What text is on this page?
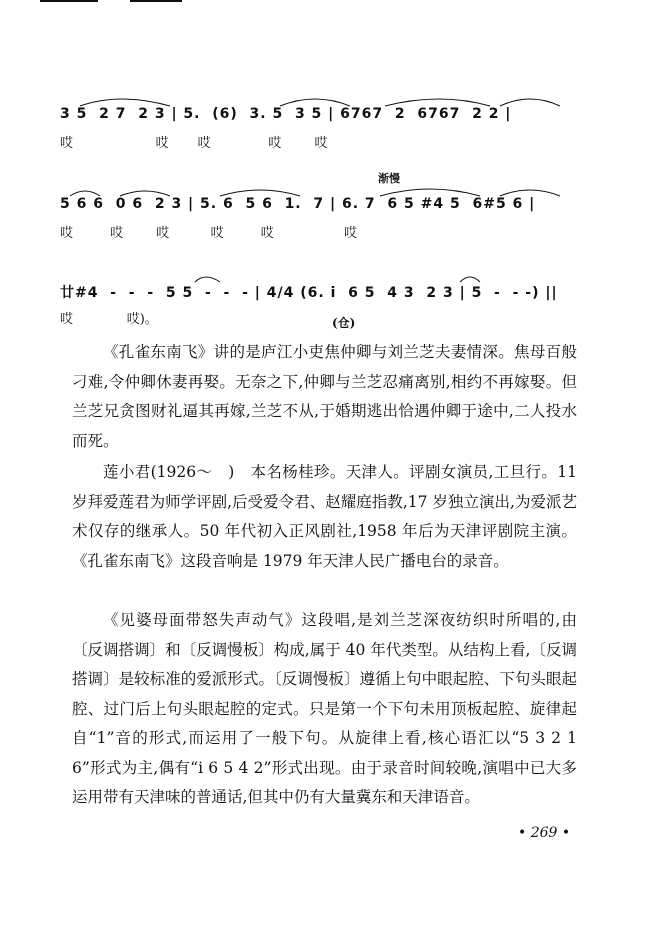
3 5  2 7  2 3 | 5.  (6)  3. 5  3 5 | 6767  2  6767  2 2 |
哎                    哎       哎              哎        哎
渐慢
5 6 6  0 6  2 3 | 5. 6  5 6  1.  7 | 6. 7  6 5 #4 5  6#5 6 |
哎         哎        哎          哎         哎                 哎
廿#4  -  -  -  5 5  -  -  - | 4/4 (6. i  6 5  4 3  2 3 | 5  -  - -) ||
哎             哎)。	(仓)
《孔雀东南飞》讲的是庐江小吏焦仲卿与刘兰芝夫妻情深。焦母百般刁难,令仲卿休妻再娶。无奈之下,仲卿与兰芝忍痛离别,相约不再嫁娶。但兰芝兄贪图财礼逼其再嫁,兰芝不从,于婚期逃出恰遇仲卿于途中,二人投水而死。
莲小君(1926～　)　本名杨桂珍。天津人。评剧女演员,工旦行。11 岁拜爱莲君为师学评剧,后受爱令君、赵耀庭指教,17 岁独立演出,为爱派艺术仅存的继承人。50 年代初入正风剧社,1958 年后为天津评剧院主演。《孔雀东南飞》这段音响是 1979 年天津人民广播电台的录音。
《见婆母面带怒失声动气》这段唱,是刘兰芝深夜纺织时所唱的,由〔反调搭调〕和〔反调慢板〕构成,属于 40 年代类型。从结构上看,〔反调搭调〕是较标准的爱派形式。〔反调慢板〕遵循上句中眼起腔、下句头眼起腔、过门后上句头眼起腔的定式。只是第一个下句未用顶板起腔、旋律起自“1”音的形式,而运用了一般下句。从旋律上看,核心语汇以“5 3 2 1 6”形式为主,偶有“i 6 5 4 2”形式出现。由于录音时间较晚,演唱中已大多运用带有天津味的普通话,但其中仍有大量冀东和天津语音。
• 269 •
